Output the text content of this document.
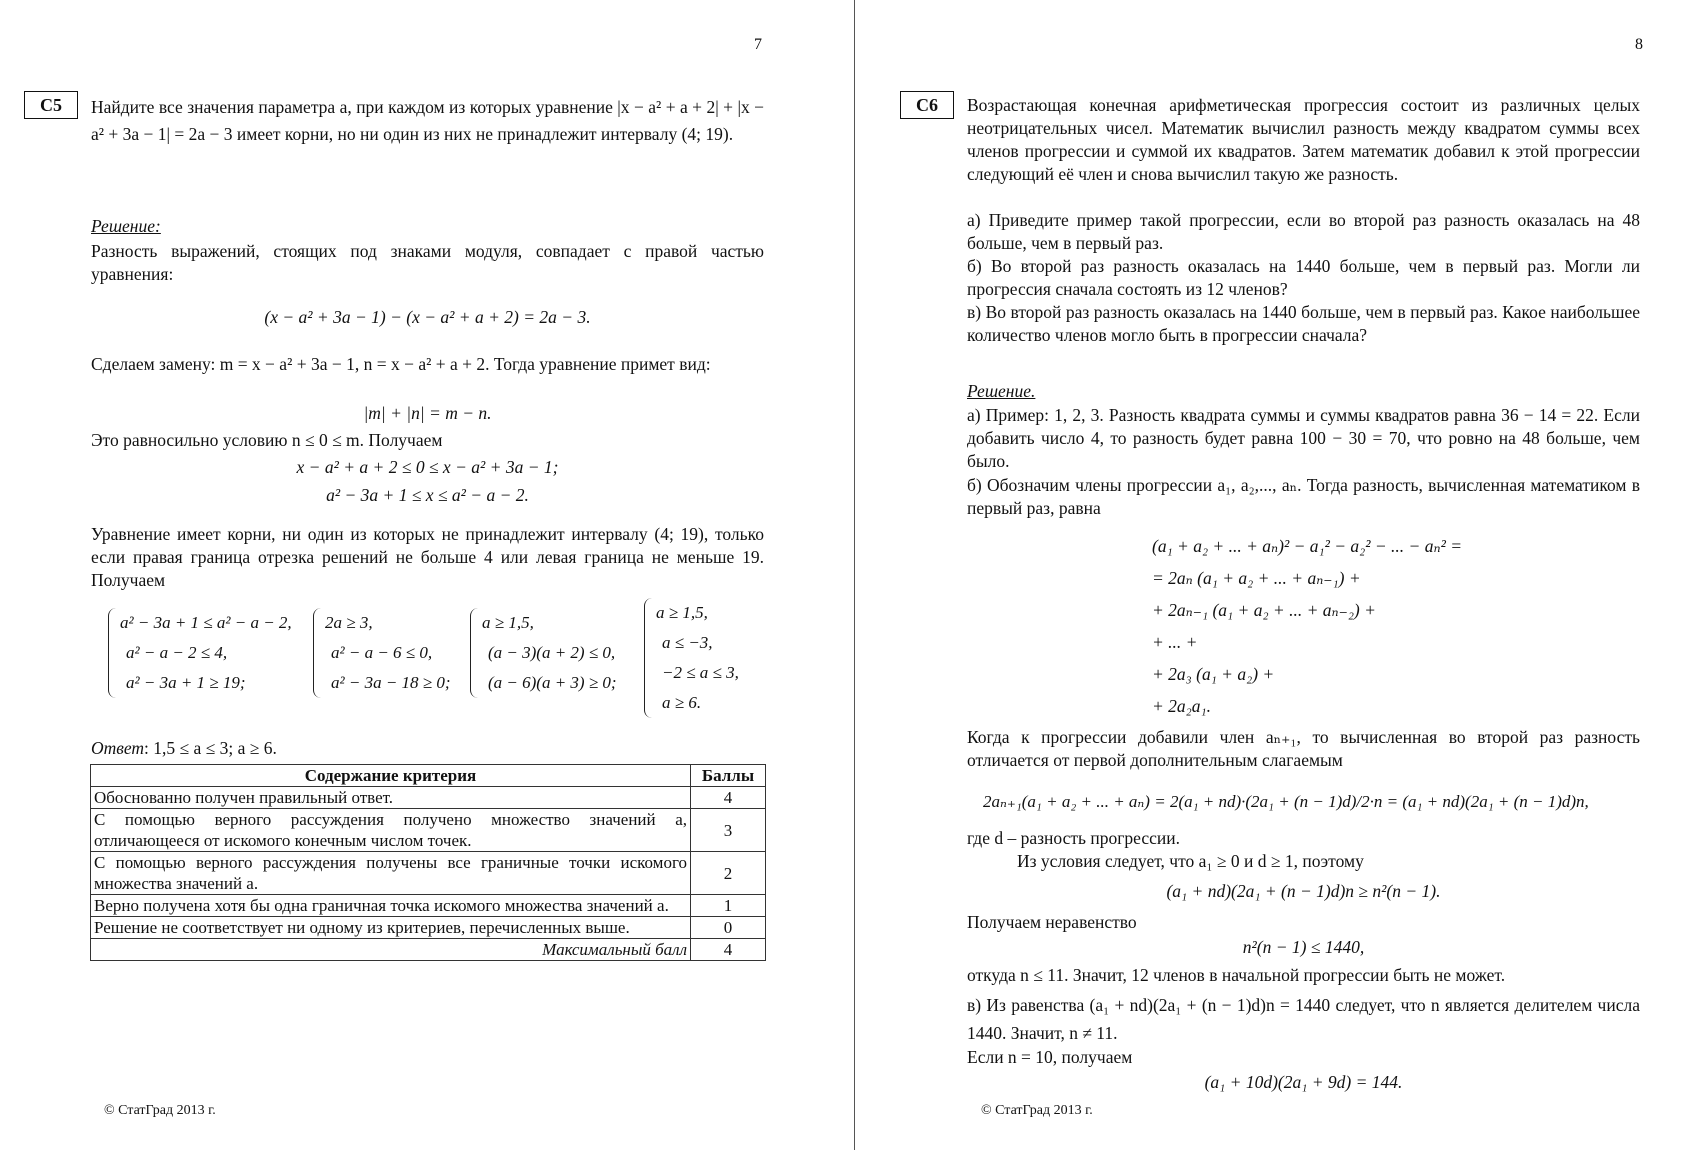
7
С5	Найдите все значения параметра a, при каждом из которых уравнение |x − a² + a + 2| + |x − a² + 3a − 1| = 2a − 3 имеет корни, но ни один из них не принадлежит интервалу (4; 19).
Решение:
Разность выражений, стоящих под знаками модуля, совпадает с правой частью уравнения:
(x − a² + 3a − 1) − (x − a² + a + 2) = 2a − 3.
Сделаем замену: m = x − a² + 3a − 1, n = x − a² + a + 2. Тогда уравнение примет вид:
|m| + |n| = m − n.
Это равносильно условию n ≤ 0 ≤ m. Получаем
x − a² + a + 2 ≤ 0 ≤ x − a² + 3a − 1;
a² − 3a + 1 ≤ x ≤ a² − a − 2.
Уравнение имеет корни, ни один из которых не принадлежит интервалу (4; 19), только если правая граница отрезка решений не больше 4 или левая граница не меньше 19. Получаем
a² − 3a + 1 ≤ a² − a − 2,
a² − a − 2 ≤ 4,
a² − 3a + 1 ≥ 19;
2a ≥ 3,
a² − a − 6 ≤ 0,
a² − 3a − 18 ≥ 0;
a ≥ 1,5,
(a − 3)(a + 2) ≤ 0,
(a − 6)(a + 3) ≥ 0;
a ≥ 1,5,
a ≤ −3,
−2 ≤ a ≤ 3,
a ≥ 6.
Ответ: 1,5 ≤ a ≤ 3; a ≥ 6.
Содержание критерия	Баллы
Обоснованно получен правильный ответ.	4
С помощью верного рассуждения получено множество значений a, отличающееся от искомого конечным числом точек.	3
С помощью верного рассуждения получены все граничные точки искомого множества значений a.	2
Верно получена хотя бы одна граничная точка искомого множества значений a.	1
Решение не соответствует ни одному из критериев, перечисленных выше.	0
Максимальный балл	4
© СтатГрад 2013 г.
8
С6	Возрастающая конечная арифметическая прогрессия состоит из различных целых неотрицательных чисел. Математик вычислил разность между квадратом суммы всех членов прогрессии и суммой их квадратов. Затем математик добавил к этой прогрессии следующий её член и снова вычислил такую же разность.
а) Приведите пример такой прогрессии, если во второй раз разность оказалась на 48 больше, чем в первый раз.
б) Во второй раз разность оказалась на 1440 больше, чем в первый раз. Могли ли прогрессия сначала состоять из 12 членов?
в) Во второй раз разность оказалась на 1440 больше, чем в первый раз. Какое наибольшее количество членов могло быть в прогрессии сначала?
Решение.
а) Пример: 1, 2, 3. Разность квадрата суммы и суммы квадратов равна 36 − 14 = 22. Если добавить число 4, то разность будет равна 100 − 30 = 70, что ровно на 48 больше, чем было.
б) Обозначим члены прогрессии a₁, a₂,..., aₙ. Тогда разность, вычисленная математиком в первый раз, равна
(a₁ + a₂ + ... + aₙ)² − a₁² − a₂² − ... − aₙ² =
= 2aₙ (a₁ + a₂ + ... + aₙ₋₁) +
+ 2aₙ₋₁ (a₁ + a₂ + ... + aₙ₋₂) +
+ ... +
+ 2a₃ (a₁ + a₂) +
+ 2a₂a₁.
Когда к прогрессии добавили член aₙ₊₁, то вычисленная во второй раз разность отличается от первой дополнительным слагаемым
2aₙ₊₁(a₁ + a₂ + ... + aₙ) = 2(a₁ + nd)·(2a₁ + (n − 1)d)/2·n = (a₁ + nd)(2a₁ + (n − 1)d)n,
где d – разность прогрессии.
Из условия следует, что a₁ ≥ 0 и d ≥ 1, поэтому
(a₁ + nd)(2a₁ + (n − 1)d)n ≥ n²(n − 1).
Получаем неравенство
n²(n − 1) ≤ 1440,
откуда n ≤ 11. Значит, 12 членов в начальной прогрессии быть не может.
в) Из равенства (a₁ + nd)(2a₁ + (n − 1)d)n = 1440 следует, что n является делителем числа 1440. Значит, n ≠ 11.
Если n = 10, получаем
(a₁ + 10d)(2a₁ + 9d) = 144.
© СтатГрад 2013 г.
